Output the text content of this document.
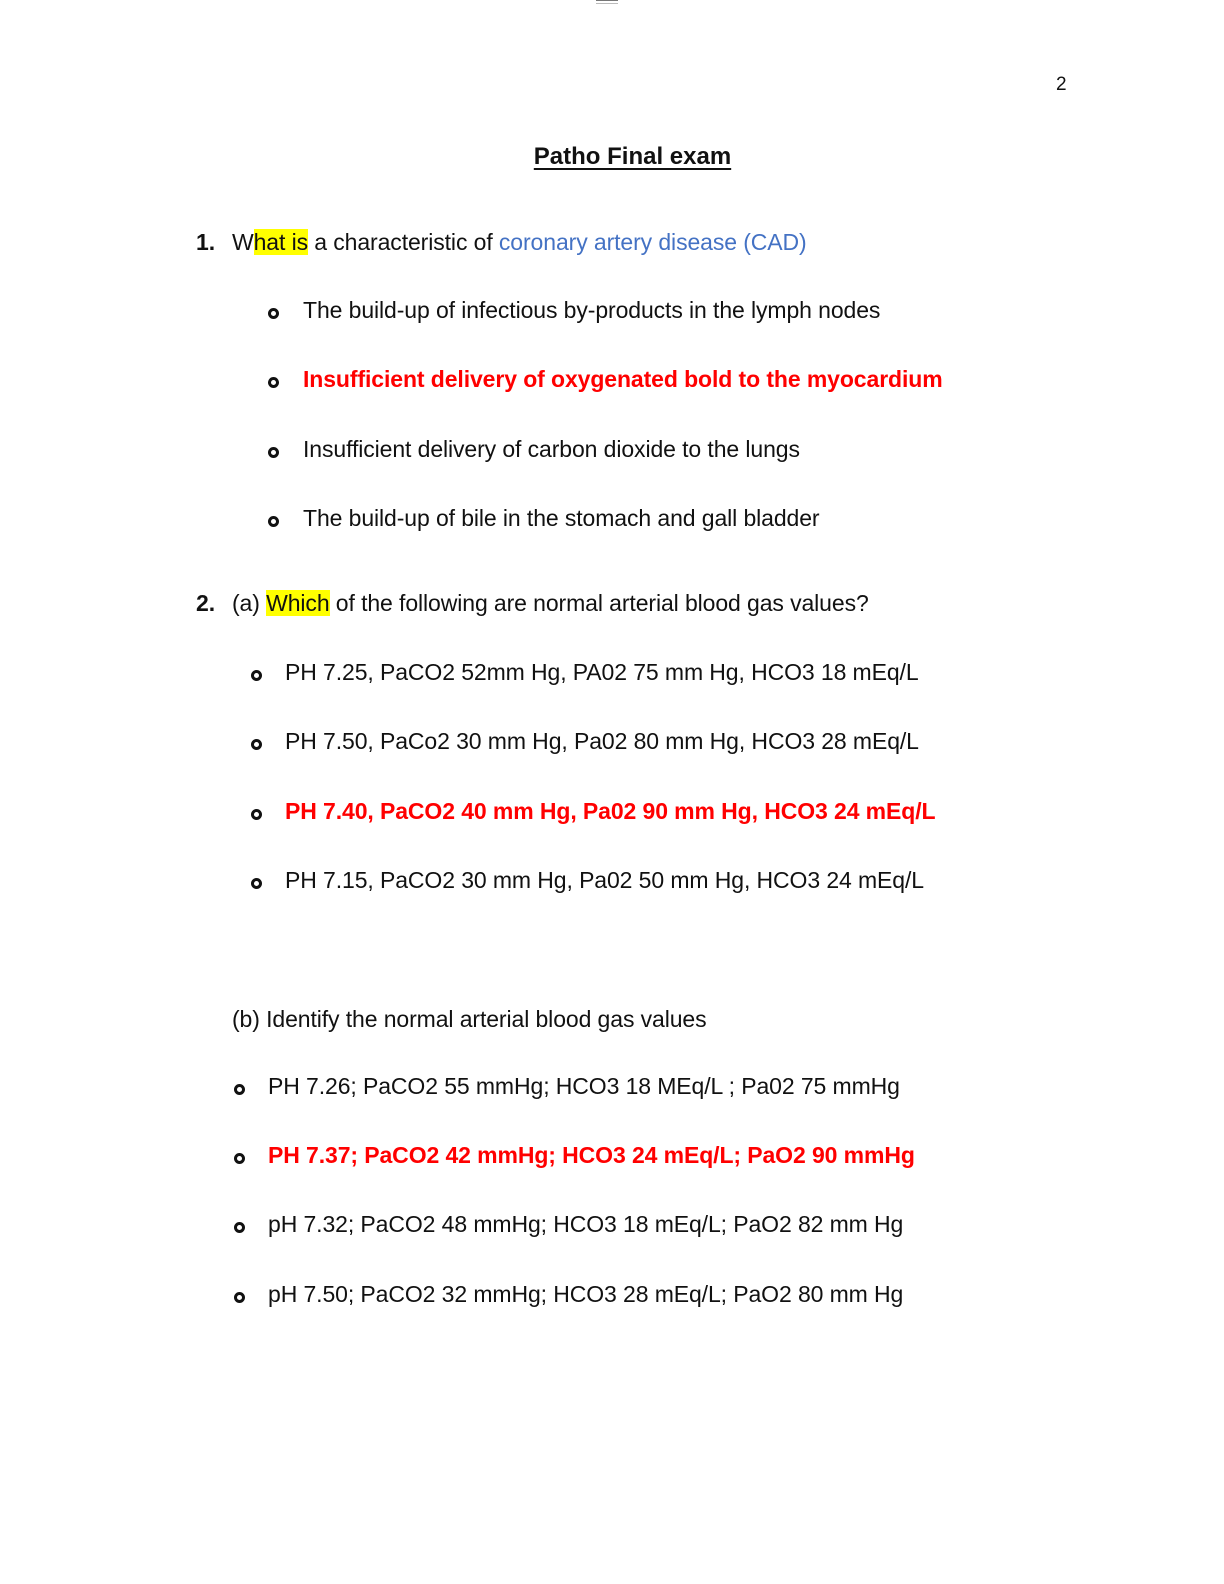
2
Patho Final exam
1. What is a characteristic of coronary artery disease (CAD)
The build-up of infectious by-products in the lymph nodes
Insufficient delivery of oxygenated bold to the myocardium
Insufficient delivery of carbon dioxide to the lungs
The build-up of bile in the stomach and gall bladder
2. (a) Which of the following are normal arterial blood gas values?
PH 7.25, PaCO2 52mm Hg, PA02 75 mm Hg, HCO3 18 mEq/L
PH 7.50, PaCo2 30 mm Hg, Pa02 80 mm Hg, HCO3 28 mEq/L
PH 7.40, PaCO2 40 mm Hg, Pa02 90 mm Hg, HCO3 24 mEq/L
PH 7.15, PaCO2 30 mm Hg, Pa02 50 mm Hg, HCO3 24 mEq/L
(b) Identify the normal arterial blood gas values
PH 7.26; PaCO2 55 mmHg; HCO3 18 MEq/L ; Pa02 75 mmHg
PH 7.37; PaCO2 42 mmHg; HCO3 24 mEq/L; PaO2 90 mmHg
pH 7.32; PaCO2 48 mmHg; HCO3 18 mEq/L; PaO2 82 mm Hg
pH 7.50; PaCO2 32 mmHg; HCO3 28 mEq/L; PaO2 80 mm Hg
